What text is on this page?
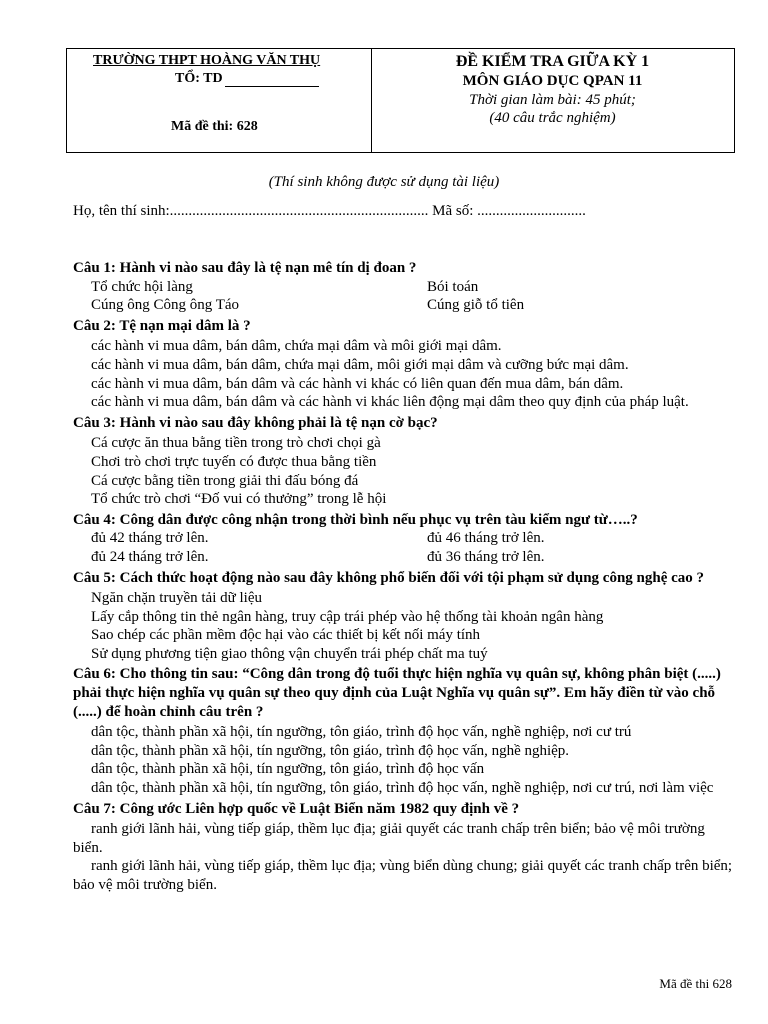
TRƯỜNG THPT HOÀNG VĂN THỤ
TỔ: TD
Mã đề thi: 628
ĐỀ KIỂM TRA GIỮA KỲ 1
MÔN GIÁO DỤC QPAN 11
Thời gian làm bài: 45 phút;
(40 câu trắc nghiệm)
(Thí sinh không được sử dụng tài liệu)
Họ, tên thí sinh:..................................................................... Mã số: .............................

Câu 1: Hành vi nào sau đây là tệ nạn mê tín dị đoan ?

Tổ chức hội làng	Bói toán
Cúng ông Công ông Táo	Cúng giỗ tổ tiên

Câu 2: Tệ nạn mại dâm là ?

các hành vi mua dâm, bán dâm, chứa mại dâm và môi giới mại dâm.

các hành vi mua dâm, bán dâm, chứa mại dâm, môi giới mại dâm và cưỡng bức mại dâm.

các hành vi mua dâm, bán dâm và các hành vi khác có liên quan đến mua dâm, bán dâm.

các hành vi mua dâm, bán dâm và các hành vi khác liên động mại dâm theo quy định của pháp luật.

Câu 3: Hành vi nào sau đây không phải là tệ nạn cờ bạc?

Cá cược ăn thua bằng tiền trong trò chơi chọi gà

Chơi trò chơi trực tuyến có được thua bằng tiền

Cá cược bằng tiền trong giải thi đấu bóng đá

Tổ chức trò chơi “Đố vui có thưởng” trong lễ hội

Câu 4: Công dân được công nhận trong thời bình nếu phục vụ trên tàu kiểm ngư từ…..?

đủ 42 tháng trở lên.	đủ 46 tháng trở lên.
đủ 24 tháng trở lên.	đủ 36 tháng trở lên.

Câu 5: Cách thức hoạt động nào sau đây không phổ biến đối với tội phạm sử dụng công nghệ cao ?

Ngăn chặn truyền tải dữ liệu

Lấy cắp thông tin thẻ ngân hàng, truy cập trái phép vào hệ thống tài khoản ngân hàng

Sao chép các phần mềm độc hại vào các thiết bị kết nối máy tính

Sử dụng phương tiện giao thông vận chuyển trái phép chất ma tuý

Câu 6: Cho thông tin sau: “Công dân trong độ tuổi thực hiện nghĩa vụ quân sự, không phân biệt (.....) phải thực hiện nghĩa vụ quân sự theo quy định của Luật Nghĩa vụ quân sự”. Em hãy điền từ vào chỗ (.....) để hoàn chỉnh câu trên ?

dân tộc, thành phần xã hội, tín ngưỡng, tôn giáo, trình độ học vấn, nghề nghiệp, nơi cư trú

dân tộc, thành phần xã hội, tín ngưỡng, tôn giáo, trình độ học vấn, nghề nghiệp.

dân tộc, thành phần xã hội, tín ngưỡng, tôn giáo, trình độ học vấn

dân tộc, thành phần xã hội, tín ngưỡng, tôn giáo, trình độ học vấn, nghề nghiệp, nơi cư trú, nơi làm việc

Câu 7: Công ước Liên hợp quốc về Luật Biển năm 1982 quy định về ?

ranh giới lãnh hải, vùng tiếp giáp, thềm lục địa; giải quyết các tranh chấp trên biển; bảo vệ môi trường biển.

ranh giới lãnh hải, vùng tiếp giáp, thềm lục địa; vùng biển dùng chung; giải quyết các tranh chấp trên biển; bảo vệ môi trường biển.

Mã đề thi 628
